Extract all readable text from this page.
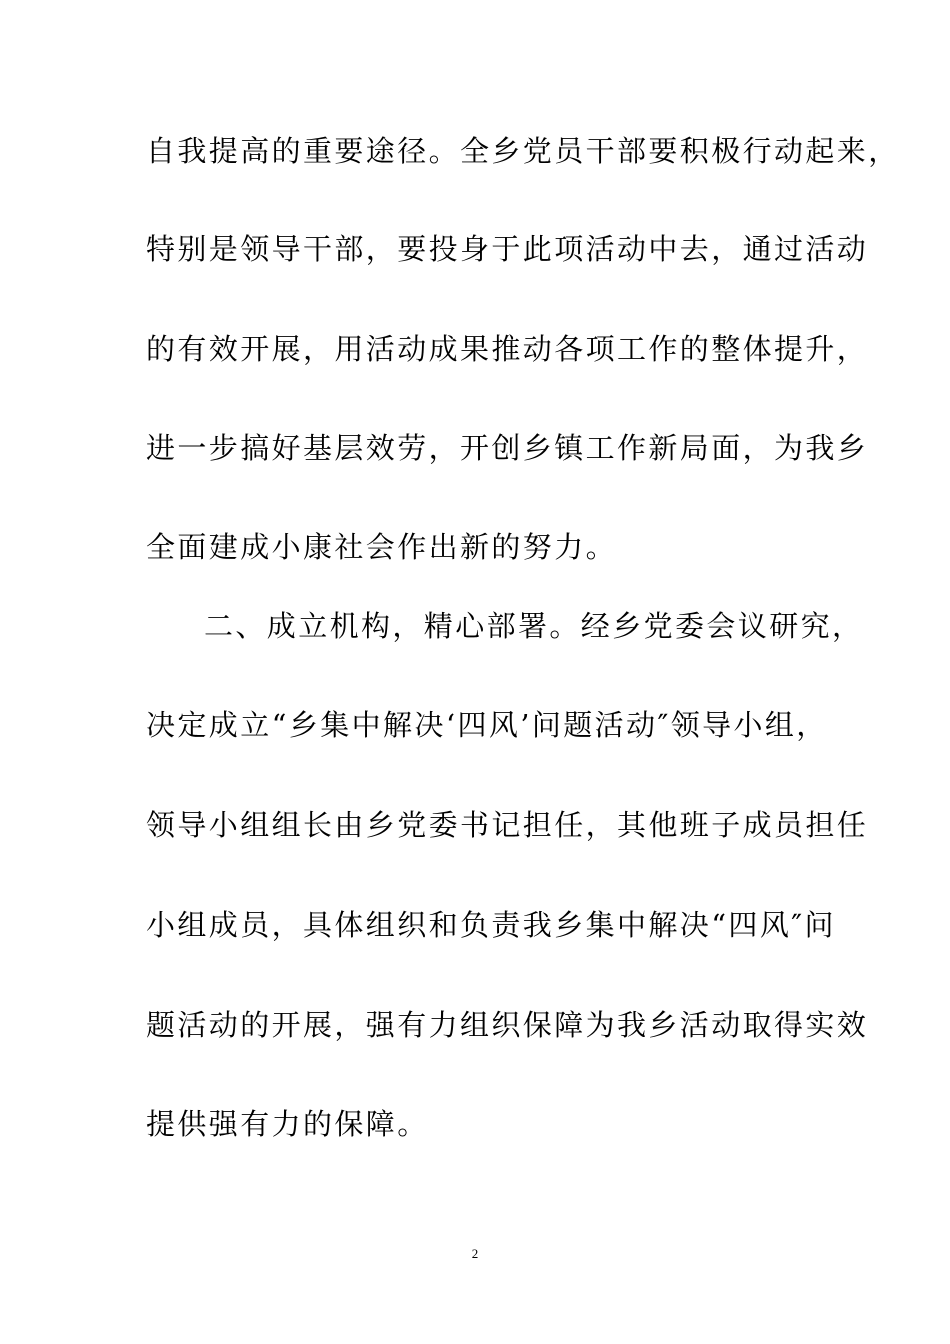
自我提高的重要途径。全乡党员干部要积极行动起来，
特别是领导干部，要投身于此项活动中去，通过活动
的有效开展，用活动成果推动各项工作的整体提升，
进一步搞好基层效劳，开创乡镇工作新局面，为我乡
全面建成小康社会作出新的努力。
二、成立机构，精心部署。经乡党委会议研究，
决定成立“乡集中解决‘四风’问题活动″领导小组，
领导小组组长由乡党委书记担任，其他班子成员担任
小组成员，具体组织和负责我乡集中解决“四风″问
题活动的开展，强有力组织保障为我乡活动取得实效
提供强有力的保障。
2
